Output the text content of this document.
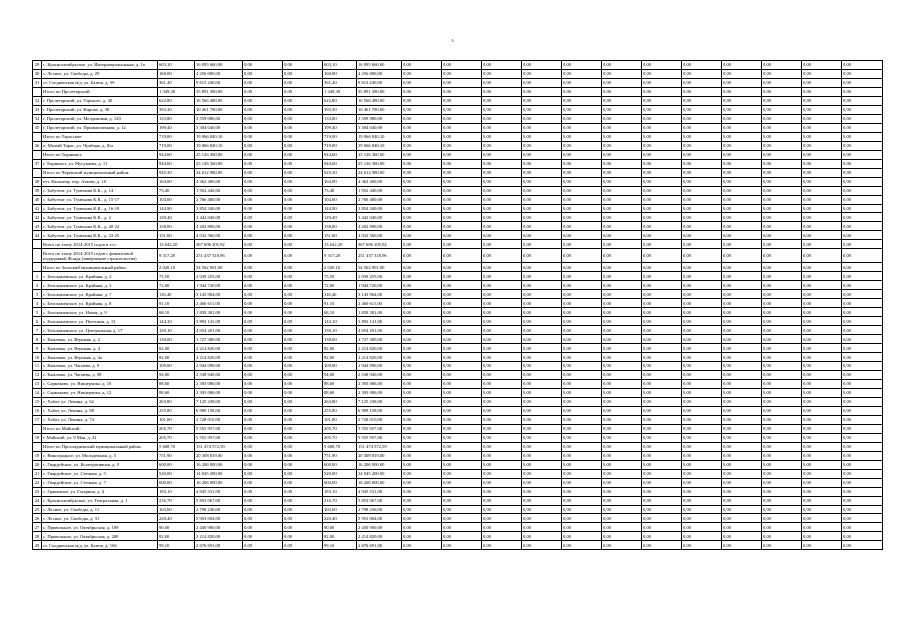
3
29	с. Краснооктябрьское, ул. Интернациональная, д. 1а	603,10	16 095 660,00	0,00	0,00	603,10	16 095 660,00	0,00	0,00	0,00	0,00	0,00	0,00	0,00	0,00	0,00	0,00	0,00	0,00
30	с. Лесное, ул. Свободы, д. 29	160,00	4 256 000,00	0,00	0,00	160,00	4 256 000,00	0,00	0,00	0,00	0,00	0,00	0,00	0,00	0,00	0,00	0,00	0,00	0,00
31	ст. Сходненская м/д, ул. Батюк, д. 59	361,40	9 613 240,00	0,00	0,00	361,40	9 613 240,00	0,00	0,00	0,00	0,00	0,00	0,00	0,00	0,00	0,00	0,00	0,00	0,00
	Итого по Пролетарский:	1 349,30	35 891 380,00	0,00	0,00	1 349,30	35 891 380,00	0,00	0,00	0,00	0,00	0,00	0,00	0,00	0,00	0,00	0,00	0,00	0,00
32	г. Пролетарский, ул. Горького, д. 40	622,80	16 566 480,00	0,00	0,00	622,80	16 566 480,00	0,00	0,00	0,00	0,00	0,00	0,00	0,00	0,00	0,00	0,00	0,00	0,00
33	г. Пролетарский, ул. Кирова, д. 38	393,30	10 461 780,00	0,00	0,00	393,30	10 461 780,00	0,00	0,00	0,00	0,00	0,00	0,00	0,00	0,00	0,00	0,00	0,00	0,00
34	г. Пролетарский, ул. Мелдоковая, д. 120	133,80	3 559 080,00	0,00	0,00	133,80	3 559 080,00	0,00	0,00	0,00	0,00	0,00	0,00	0,00	0,00	0,00	0,00	0,00	0,00
35	г. Пролетарский, ул. Промышленная, д. 12	199,40	5 304 040,00	0,00	0,00	199,40	5 304 040,00	0,00	0,00	0,00	0,00	0,00	0,00	0,00	0,00	0,00	0,00	0,00	0,00
	Итого по Тарасское:	719,00	19 066 840,10	0,00	0,00	719,00	19 066 840,10	0,00	0,00	0,00	0,00	0,00	0,00	0,00	0,00	0,00	0,00	0,00	0,00
36	п. Малый Тарас, ул. Чумбарь, д. 8/н	719,00	19 066 840,10	0,00	0,00	719,00	19 066 840,10	0,00	0,00	0,00	0,00	0,00	0,00	0,00	0,00	0,00	0,00	0,00	0,00
	Итого по Тырныауз:	944,60	25 126 360,00	0,00	0,00	944,60	25 126 360,00	0,00	0,00	0,00	0,00	0,00	0,00	0,00	0,00	0,00	0,00	0,00	0,00
37	г. Тырныауз, ул. Мусукаева, д. 11	944,60	25 126 360,00	0,00	0,00	944,60	25 126 360,00	0,00	0,00	0,00	0,00	0,00	0,00	0,00	0,00	0,00	0,00	0,00	0,00
	Итого по Черекский муниципальный район:	925,30	24 612 980,00	0,00	0,00	925,30	24 612 980,00	0,00	0,00	0,00	0,00	0,00	0,00	0,00	0,00	0,00	0,00	0,00	0,00
38	пгт. Кашхатау, пер. Атаева, д. 10	164,00	4 362 400,00	0,00	0,00	164,00	4 362 400,00	0,00	0,00	0,00	0,00	0,00	0,00	0,00	0,00	0,00	0,00	0,00	0,00
39	с. Бабугент, ул. Туменова К.К., д. 14	73,40	1 952 440,00	0,00	0,00	73,40	1 952 440,00	0,00	0,00	0,00	0,00	0,00	0,00	0,00	0,00	0,00	0,00	0,00	0,00
40	с. Бабугент, ул. Туменова К.К., д. 15-17	104,00	2 766 400,00	0,00	0,00	104,00	2 766 400,00	0,00	0,00	0,00	0,00	0,00	0,00	0,00	0,00	0,00	0,00	0,00	0,00
41	с. Бабугент, ул. Туменова К.К., д. 16-18	144,90	3 854 340,00	0,00	0,00	144,90	3 854 340,00	0,00	0,00	0,00	0,00	0,00	0,00	0,00	0,00	0,00	0,00	0,00	0,00
42	с. Бабугент, ул. Туменова К.К., д. 2	129,40	3 442 040,00	0,00	0,00	129,40	3 442 040,00	0,00	0,00	0,00	0,00	0,00	0,00	0,00	0,00	0,00	0,00	0,00	0,00
43	с. Бабугент, ул. Туменова К.К., д. 20-22	158,00	4 202 800,00	0,00	0,00	158,00	4 202 800,00	0,00	0,00	0,00	0,00	0,00	0,00	0,00	0,00	0,00	0,00	0,00	0,00
44	с. Бабугент, ул. Туменова К.К., д. 23-25	151,60	4 032 560,00	0,00	0,00	151,60	4 032 560,00	0,00	0,00	0,00	0,00	0,00	0,00	0,00	0,00	0,00	0,00	0,00	0,00
	Всего по этапу 2014-2015 годов в т.ч.:	13 642,20	367 696 205,92	0,00	0,00	13 642,20	367 696 205,92	0,00	0,00	0,00	0,00	0,00	0,00	0,00	0,00	0,00	0,00	0,00	0,00
	Всего по этапу 2014-2015 годов с финансовой поддержкой Фонда (завершение строительства)	9 317,20	251 437 318,96	0,00	0,00	9 317,20	251 437 318,96	0,00	0,00	0,00	0,00	0,00	0,00	0,00	0,00	0,00	0,00	0,00	0,00
	Итого по Зольский муниципальный район:	2 020,10	54 562 901,00	0,00	0,00	2 020,10	54 562 901,00	0,00	0,00	0,00	0,00	0,00	0,00	0,00	0,00	0,00	0,00	0,00	0,00
1	с. Белокаменское, ул. Крайняя, д. 2	75,50	2 039 255,00	0,00	0,00	75,50	2 039 255,00	0,00	0,00	0,00	0,00	0,00	0,00	0,00	0,00	0,00	0,00	0,00	0,00
2	с. Белокаменское, ул. Крайняя, д. 3	72,00	1 944 720,00	0,00	0,00	72,00	1 944 720,00	0,00	0,00	0,00	0,00	0,00	0,00	0,00	0,00	0,00	0,00	0,00	0,00
3	с. Белокаменское, ул. Крайняя, д. 7	116,40	3 143 964,00	0,00	0,00	116,40	3 143 964,00	0,00	0,00	0,00	0,00	0,00	0,00	0,00	0,00	0,00	0,00	0,00	0,00
4	с. Белокаменское, ул. Крайняя, д. 8	91,10	2 460 611,00	0,00	0,00	91,10	2 460 611,00	0,00	0,00	0,00	0,00	0,00	0,00	0,00	0,00	0,00	0,00	0,00	0,00
5	с. Белокаменское, ул. Новая, д. 9	68,10	1 839 381,00	0,00	0,00	68,10	1 839 381,00	0,00	0,00	0,00	0,00	0,00	0,00	0,00	0,00	0,00	0,00	0,00	0,00
6	с. Белокаменское, ул. Почтовая, д. 13	144,10	3 892 141,00	0,00	0,00	144,10	3 892 141,00	0,00	0,00	0,00	0,00	0,00	0,00	0,00	0,00	0,00	0,00	0,00	0,00
7	с. Белокаменское, ул. Центральная, д. 17	150,10	4 054 201,00	0,00	0,00	150,10	4 054 201,00	0,00	0,00	0,00	0,00	0,00	0,00	0,00	0,00	0,00	0,00	0,00	0,00
8	с. Камлюко, ул. Верхняя, д. 2	138,00	3 727 380,00	0,00	0,00	138,00	3 727 380,00	0,00	0,00	0,00	0,00	0,00	0,00	0,00	0,00	0,00	0,00	0,00	0,00
9	с. Камлюко, ул. Верхняя, д. 4	82,00	2 214 820,00	0,00	0,00	82,00	2 214 820,00	0,00	0,00	0,00	0,00	0,00	0,00	0,00	0,00	0,00	0,00	0,00	0,00
10	с. Камлюко, ул. Верхняя, д. 4а	82,00	2 214 820,00	0,00	0,00	82,00	2 214 820,00	0,00	0,00	0,00	0,00	0,00	0,00	0,00	0,00	0,00	0,00	0,00	0,00
11	с. Камлюко, ул. Чапаева, д. 9	109,00	2 944 090,00	0,00	0,00	109,00	2 944 090,00	0,00	0,00	0,00	0,00	0,00	0,00	0,00	0,00	0,00	0,00	0,00	0,00
12	с. Камлюко, ул. Чапаева, д. 98	94,00	2 538 940,00	0,00	0,00	94,00	2 538 940,00	0,00	0,00	0,00	0,00	0,00	0,00	0,00	0,00	0,00	0,00	0,00	0,00
13	с. Сармаково, ул. Нищерчика, д. 10	88,60	2 393 086,00	0,00	0,00	88,60	2 393 086,00	0,00	0,00	0,00	0,00	0,00	0,00	0,00	0,00	0,00	0,00	0,00	0,00
14	с. Сармаково, ул. Нищерчика, д. 12	88,60	2 393 086,00	0,00	0,00	88,60	2 393 086,00	0,00	0,00	0,00	0,00	0,00	0,00	0,00	0,00	0,00	0,00	0,00	0,00
15	с. Хабаз, ул. Ленина, д. 62	263,80	7 125 238,00	0,00	0,00	263,80	7 125 238,00	0,00	0,00	0,00	0,00	0,00	0,00	0,00	0,00	0,00	0,00	0,00	0,00
16	с. Хабаз, ул. Ленина, д. 68	255,80	6 909 158,00	0,00	0,00	255,80	6 909 158,00	0,00	0,00	0,00	0,00	0,00	0,00	0,00	0,00	0,00	0,00	0,00	0,00
17	с. Хабаз, ул. Ленина, д. 74	101,00	2 728 010,00	0,00	0,00	101,00	2 728 010,00	0,00	0,00	0,00	0,00	0,00	0,00	0,00	0,00	0,00	0,00	0,00	0,00
	Итого по Майский:	205,70	5 555 957,00	0,00	0,00	205,70	5 555 957,00	0,00	0,00	0,00	0,00	0,00	0,00	0,00	0,00	0,00	0,00	0,00	0,00
18	г. Майский, ул. 9 Мая, д. 41	205,70	5 555 957,00	0,00	0,00	205,70	5 555 957,00	0,00	0,00	0,00	0,00	0,00	0,00	0,00	0,00	0,00	0,00	0,00	0,00
	Итого по Прохладненский муниципальный район:	5 608,70	151 474 572,59	0,00	0,00	5 608,70	151 474 572,59	0,00	0,00	0,00	0,00	0,00	0,00	0,00	0,00	0,00	0,00	0,00	0,00
19	с. Виноградное, ул. Молодежная, д. 5	751,90	20 308 819,00	0,00	0,00	751,90	20 308 819,00	0,00	0,00	0,00	0,00	0,00	0,00	0,00	0,00	0,00	0,00	0,00	0,00
20	с. Гвардейское, ул. Кооперативная, д. 9	600,00	16 206 000,00	0,00	0,00	600,00	16 206 000,00	0,00	0,00	0,00	0,00	0,00	0,00	0,00	0,00	0,00	0,00	0,00	0,00
21	с. Гвардейское, ул. Степная, д. 5	520,00	14 045 200,00	0,00	0,00	520,00	14 045 200,00	0,00	0,00	0,00	0,00	0,00	0,00	0,00	0,00	0,00	0,00	0,00	0,00
22	с. Гвардейское, ул. Степная, д. 7	600,00	16 206 000,00	0,00	0,00	600,00	16 206 000,00	0,00	0,00	0,00	0,00	0,00	0,00	0,00	0,00	0,00	0,00	0,00	0,00
23	с. Граничное, ул. Гагарина, д. 4	183,10	4 945 531,00	0,00	0,00	183,10	4 945 531,00	0,00	0,00	0,00	0,00	0,00	0,00	0,00	0,00	0,00	0,00	0,00	0,00
24	с. Краснооктябрьское, ул. Театральная, д. 1	216,70	5 853 067,00	0,00	0,00	216,70	5 853 067,00	0,00	0,00	0,00	0,00	0,00	0,00	0,00	0,00	0,00	0,00	0,00	0,00
25	с. Лесное, ул. Свободы, д. 11	103,60	2 798 236,00	0,00	0,00	103,60	2 798 236,00	0,00	0,00	0,00	0,00	0,00	0,00	0,00	0,00	0,00	0,00	0,00	0,00
26	с. Лесное, ул. Свободы, д. 31	220,40	5 953 004,00	0,00	0,00	220,40	5 953 004,00	0,00	0,00	0,00	0,00	0,00	0,00	0,00	0,00	0,00	0,00	0,00	0,00
27	с. Привольное, ул. Октябрьская, д. 109	90,00	2 430 900,00	0,00	0,00	90,00	2 430 900,00	0,00	0,00	0,00	0,00	0,00	0,00	0,00	0,00	0,00	0,00	0,00	0,00
28	с. Привольное, ул. Октябрьская, д. 200	82,00	2 214 820,00	0,00	0,00	82,00	2 214 820,00	0,00	0,00	0,00	0,00	0,00	0,00	0,00	0,00	0,00	0,00	0,00	0,00
29	ст. Сходненская м/д, ул. Батюк, д. 166	99,10	2 676 691,00	0,00	0,00	99,10	2 676 691,00	0,00	0,00	0,00	0,00	0,00	0,00	0,00	0,00	0,00	0,00	0,00	0,00
